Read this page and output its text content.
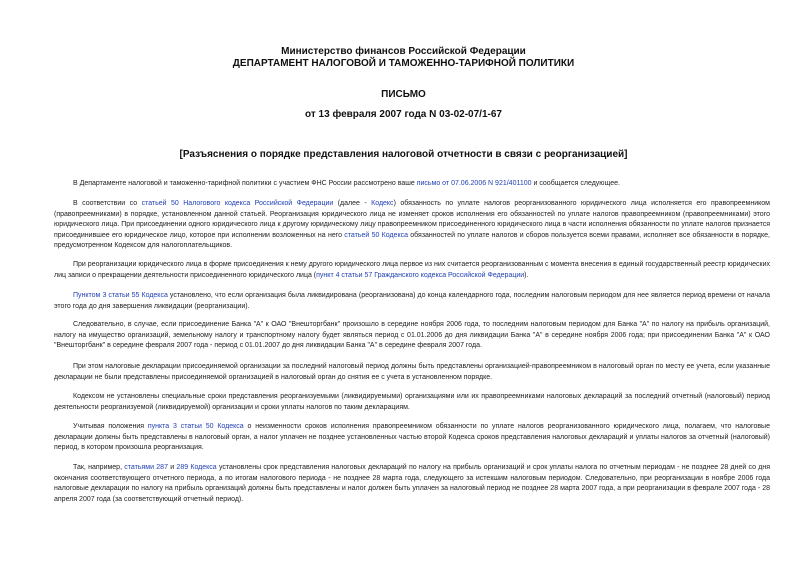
Министерство финансов Российской Федерации
ДЕПАРТАМЕНТ НАЛОГОВОЙ И ТАМОЖЕННО-ТАРИФНОЙ ПОЛИТИКИ
ПИСЬМО
от 13 февраля 2007 года N 03-02-07/1-67
[Разъяснения о порядке представления налоговой отчетности в связи с реорганизацией]
В Департаменте налоговой и таможенно-тарифной политики с участием ФНС России рассмотрено ваше письмо от 07.06.2006 N 921/401100 и сообщается следующее.
В соответствии со статьей 50 Налогового кодекса Российской Федерации (далее - Кодекс) обязанность по уплате налогов реорганизованного юридического лица исполняется его правопреемником (правопреемниками) в порядке, установленном данной статьей. Реорганизация юридического лица не изменяет сроков исполнения его обязанностей по уплате налогов правопреемником (правопреемниками) этого юридического лица. При присоединении одного юридического лица к другому юридическому лицу правопреемником присоединенного юридического лица в части исполнения обязанности по уплате налогов признается присоединившее его юридическое лицо, которое при исполнении возложенных на него статьей 50 Кодекса обязанностей по уплате налогов и сборов пользуется всеми правами, исполняет все обязанности в порядке, предусмотренном Кодексом для налогоплательщиков.
При реорганизации юридического лица в форме присоединения к нему другого юридического лица первое из них считается реорганизованным с момента внесения в единый государственный реестр юридических лиц записи о прекращении деятельности присоединенного юридического лица (пункт 4 статьи 57 Гражданского кодекса Российской Федерации).
Пунктом 3 статьи 55 Кодекса установлено, что если организация была ликвидирована (реорганизована) до конца календарного года, последним налоговым периодом для нее является период времени от начала этого года до дня завершения ликвидации (реорганизации).
Следовательно, в случае, если присоединение Банка "А" к ОАО "Внешторгбанк" произошло в середине ноября 2006 года, то последним налоговым периодом для Банка "А" по налогу на прибыль организаций, налогу на имущество организаций, земельному налогу и транспортному налогу будет являться период с 01.01.2006 до дня ликвидации Банка "А" в середине ноября 2006 года; при присоединении Банка "А" к ОАО "Внешторгбанк" в середине февраля 2007 года - период с 01.01.2007 до дня ликвидации Банка "А" в середине февраля 2007 года.
При этом налоговые декларации присоединяемой организации за последний налоговый период должны быть представлены организацией-правопреемником в налоговый орган по месту ее учета, если указанные декларации не были представлены присоединяемой организацией в налоговый орган до снятия ее с учета в установленном порядке.
Кодексом не установлены специальные сроки представления реорганизуемыми (ликвидируемыми) организациями или их правопреемниками налоговых деклараций за последний отчетный (налоговый) период деятельности реорганизуемой (ликвидируемой) организации и сроки уплаты налогов по таким декларациям.
Учитывая положения пункта 3 статьи 50 Кодекса о неизменности сроков исполнения правопреемником обязанности по уплате налогов реорганизованного юридического лица, полагаем, что налоговые декларации должны быть представлены в налоговый орган, а налог уплачен не позднее установленных частью второй Кодекса сроков представления налоговых деклараций и уплаты налогов за отчетный (налоговый) период, в котором произошла реорганизация.
Так, например, статьями 287 и 289 Кодекса установлены срок представления налоговых деклараций по налогу на прибыль организаций и срок уплаты налога по отчетным периодам - не позднее 28 дней со дня окончания соответствующего отчетного периода, а по итогам налогового периода - не позднее 28 марта года, следующего за истекшим налоговым периодом. Следовательно, при реорганизации в ноябре 2006 года налоговые декларации по налогу на прибыль организаций должны быть представлены и налог должен быть уплачен за налоговый период не позднее 28 марта 2007 года, а при реорганизации в феврале 2007 года - 28 апреля 2007 года (за соответствующий отчетный период).
